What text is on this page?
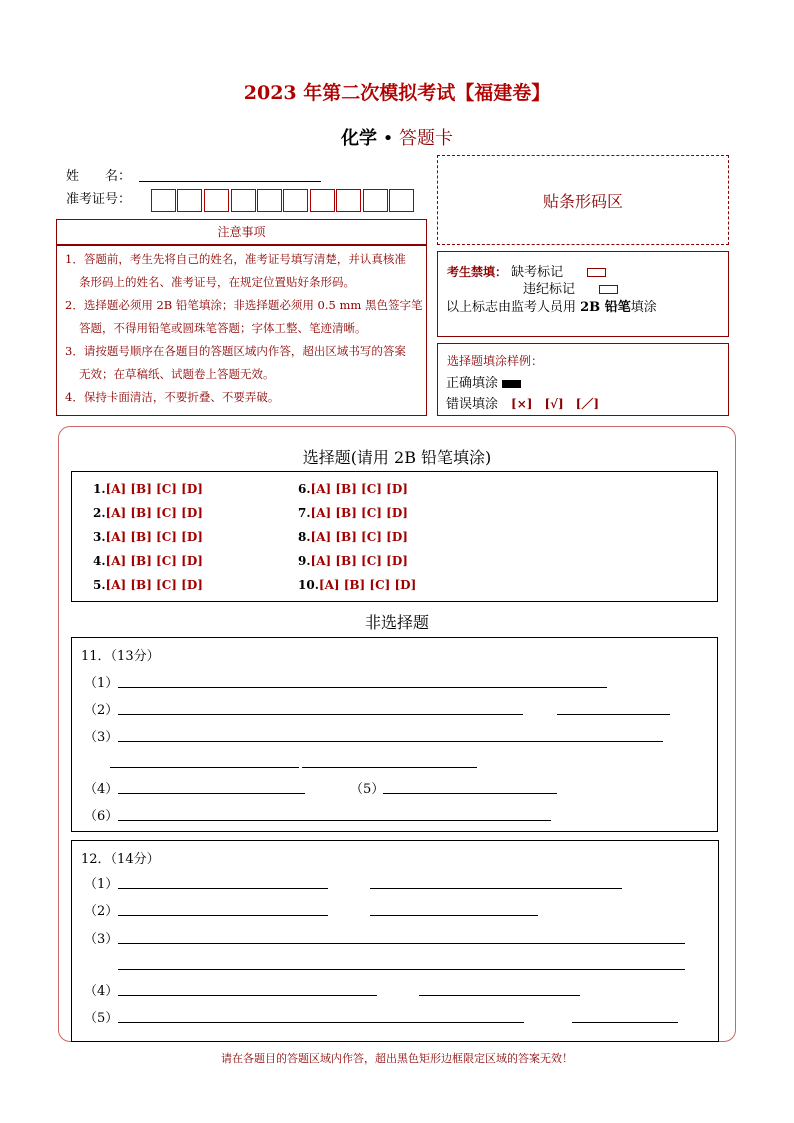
2023 年第二次模拟考试【福建卷】
化学 • 答题卡
姓　　名：
准考证号：	贴条形码区
注意事项

1．答题前，考生先将自己的姓名，准考证号填写清楚，并认真核准

条形码上的姓名、准考证号，在规定位置贴好条形码。

2．选择题必须用 2B 铅笔填涂；非选择题必须用 0.5 mm 黑色签字笔

答题，不得用铅笔或圆珠笔答题；字体工整、笔迹清晰。

3．请按题号顺序在各题目的答题区域内作答，超出区域书写的答案

无效；在草稿纸、试题卷上答题无效。

4．保持卡面清洁，不要折叠、不要弄破。

考生禁填： 缺考标记
违纪标记
以上标志由监考人员用 2B 铅笔填涂
选择题填涂样例：
正确填涂
错误填涂　 [×]　[√]　[／]
选择题(请用 2B 铅笔填涂)
1.[A] [B] [C] [D]
2.[A] [B] [C] [D]
3.[A] [B] [C] [D]
4.[A] [B] [C] [D]
5.[A] [B] [C] [D]
6.[A] [B] [C] [D]
7.[A] [B] [C] [D]
8.[A] [B] [C] [D]
9.[A] [B] [C] [D]
10.[A] [B] [C] [D]
非选择题
11．（13分）
（1）
（2）
（3）
（4）	（5）
（6）
12．（14分）
（1）
（2）
（3）
（4）
（5）
请在各题目的答题区域内作答，超出黑色矩形边框限定区域的答案无效！
